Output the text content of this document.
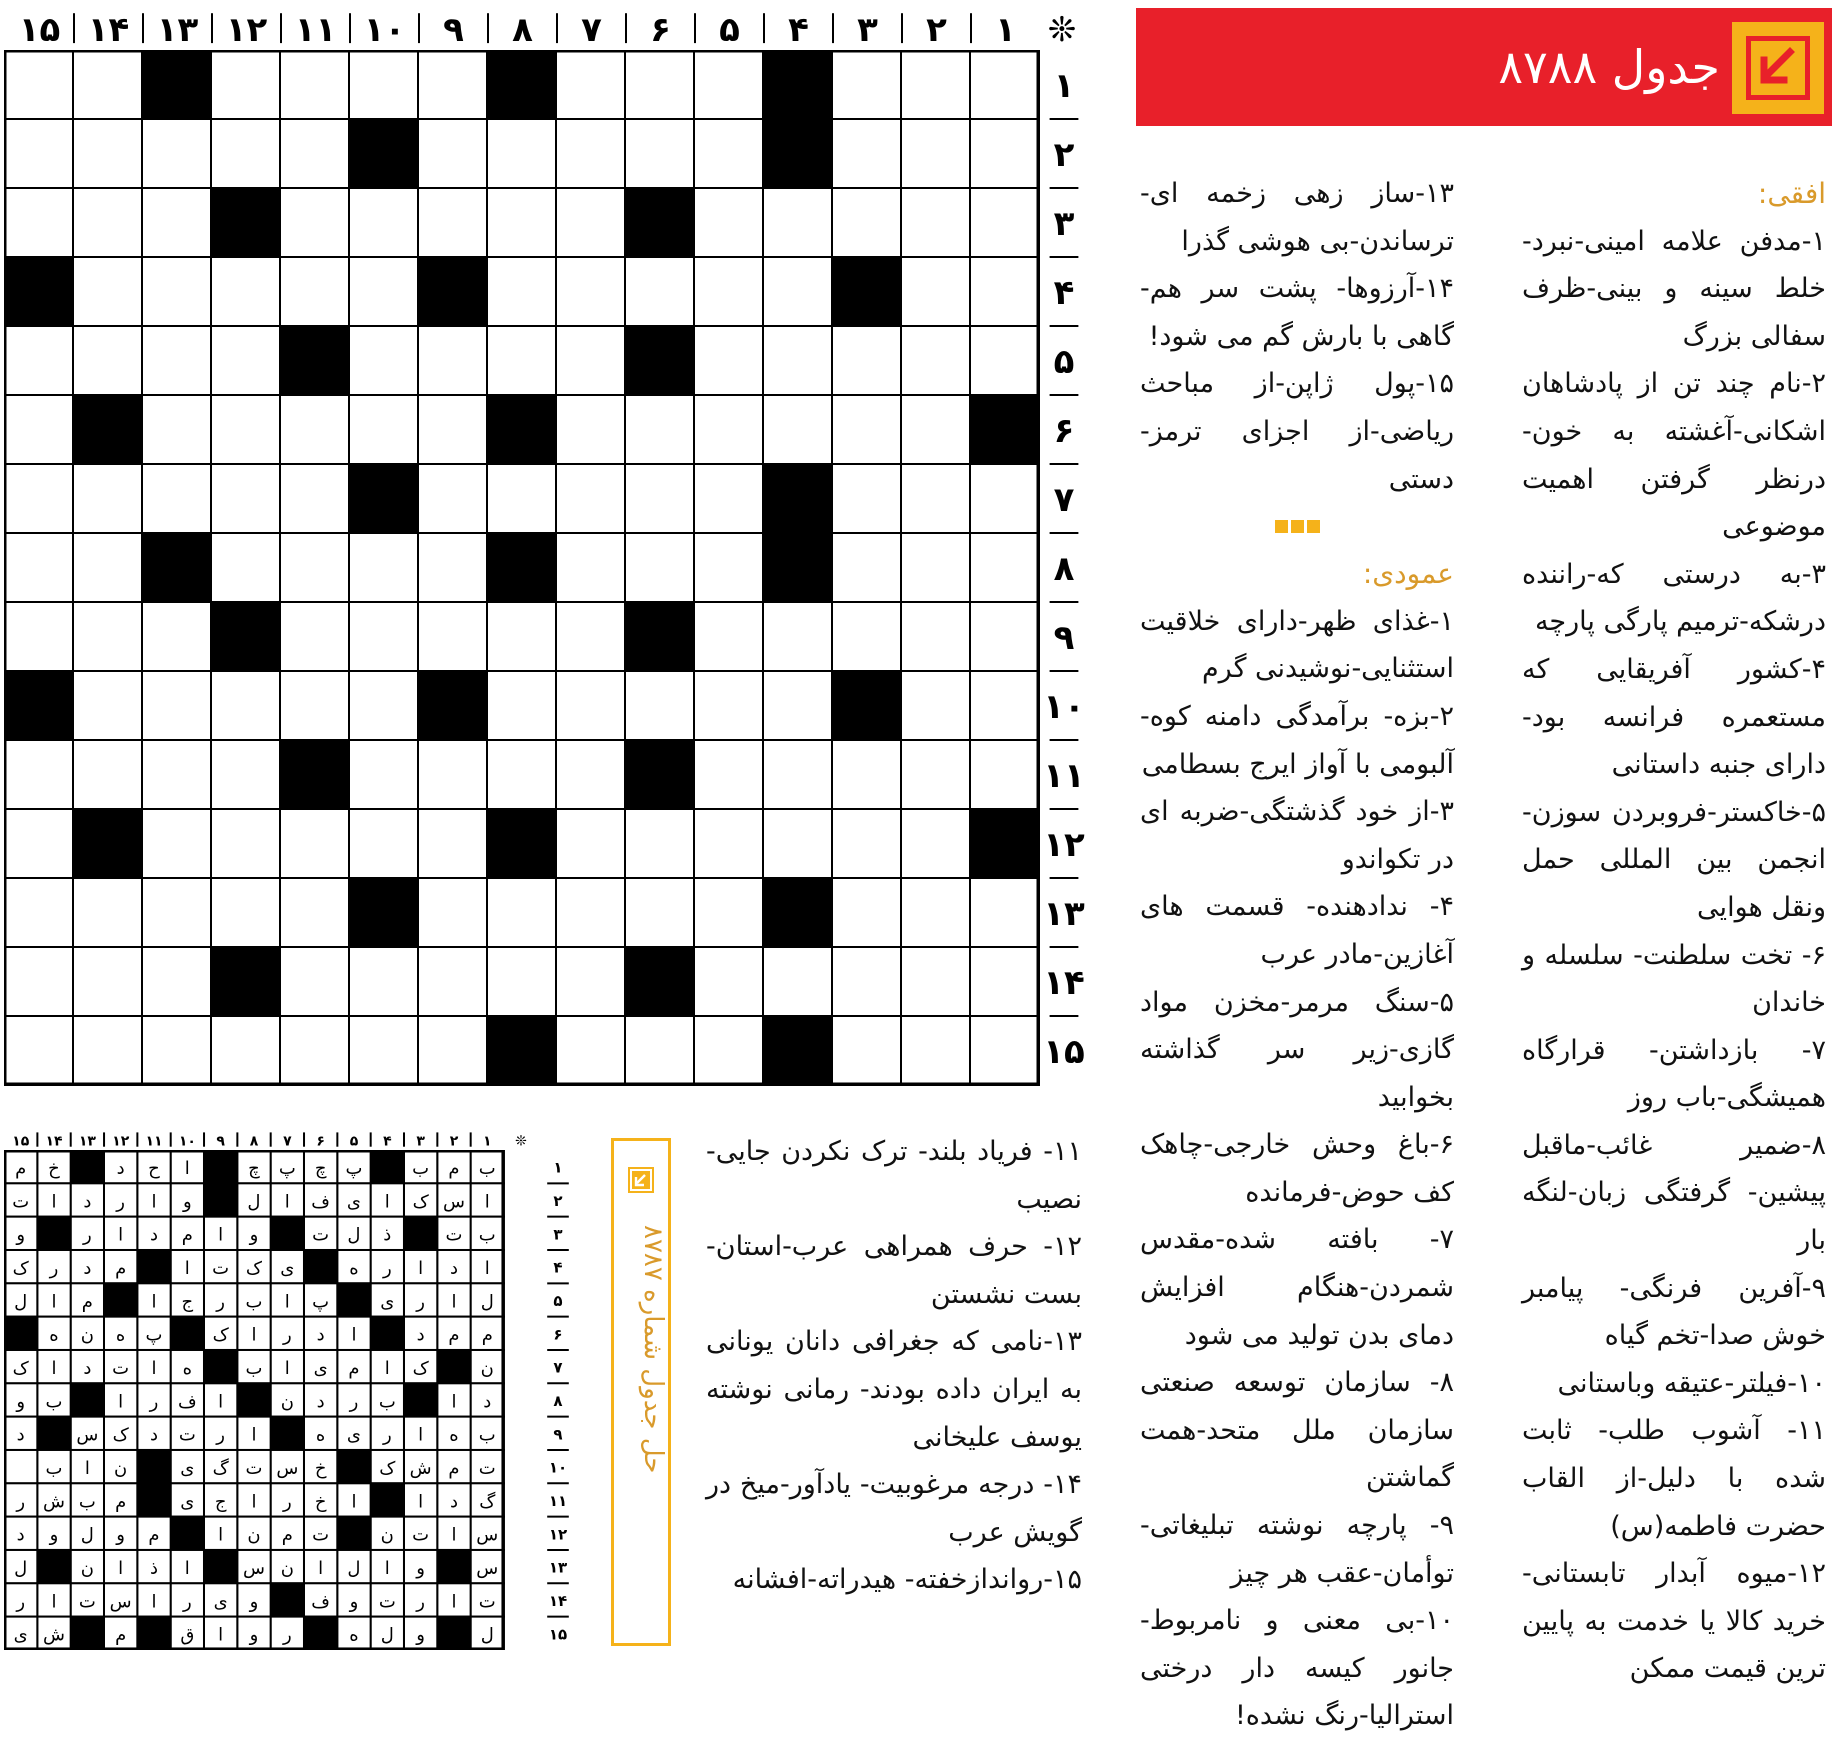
جدول ۸۷۸۸
افقی:
۱-مدفن علامه امینی-نبرد-خلط سینه و بینی-ظرف سفالی بزرگ
۲-نام چند تن از پادشاهان اشکانی-آغشته به خون-درنظر گرفتن اهمیت موضوعی
۳-به درستی که-راننده درشکه-ترمیم پارگی پارچه
۴-کشور آفریقایی که مستعمره فرانسه بود-دارای جنبه داستانی
۵-خاکستر-فروبردن سوزن-انجمن بین المللی حمل ونقل هوایی
۶- تخت سلطنت- سلسله و خاندان
۷- بازداشتن- قرارگاه همیشگی-باب روز
۸-ضمیر غائب-ماقبل پیشین- گرفتگی زبان-لنگه بار
۹-آفرین فرنگی- پیامبر خوش صدا-تخم گیاه
۱۰-فیلتر-عتیقه وباستانی
۱۱- آشوب طلب- ثابت شده با دلیل-از القاب حضرت فاطمه(س)
۱۲-میوه آبدار تابستانی-خرید کالا یا خدمت به پایین ترین قیمت ممکن
۱۳-ساز زهی زخمه ای-ترساندن-بی هوشی گذرا
۱۴-آرزوها- پشت سر هم-گاهی با بارش گم می شود!
۱۵-پول ژاپن-از مباحث ریاضی-از اجزای ترمز-دستی
عمودی:
۱-غذای ظهر-دارای خلاقیت استثنایی-نوشیدنی گرم
۲-بزه- برآمدگی دامنه کوه-آلبومی با آواز ایرج بسطامی
۳-از خود گذشتگی-ضربه ای در تکواندو
۴- ندادهنده- قسمت های آغازین-مادر عرب
۵-سنگ مرمر-مخزن مواد گازی-زیر سر گذاشته بخوابید
۶-باغ وحش خارجی-چاهک کف حوض-فرمانده
۷- بافته شده-مقدس شمردن-هنگام افزایش دمای بدن تولید می شود
۸- سازمان توسعه صنعتی سازمان ملل متحد-همت گماشتن
۹- پارچه نوشته تبلیغاتی-توأمان-عقب هر چیز
۱۰-بی معنی و نامربوط-جانور کیسه دار درختی استرالیا-رنگ نشده!
۱۱- فریاد بلند- ترک نکردن جایی-نصیب
۱۲- حرف همراهی عرب-استان- بست نشستن
۱۳-نامی که جغرافی دانان یونانی به ایران داده بودند- رمانی نوشته یوسف علیخانی
۱۴- درجه مرغوبیت- یادآور-میخ در گویش عرب
۱۵-رواندازخفته- هیدراته-افشانه
۱
۲
۳
۴
۵
۶
۷
۸
۹
۱۰
۱۱
۱۲
۱۳
۱۴
۱۵	❊
۱
۲
۳
۴
۵
۶
۷
۸
۹
۱۰
۱۱
۱۲
۱۳
۱۴
۱۵
حل جدول شماره ۸۷۸۷
۱
۲
۳
۴
۵
۶
۷
۸
۹
۱۰
۱۱
۱۲
۱۳
۱۴
۱۵	❊
ب
م
ب
پ
چ
پ
چ
ا
ح
د
خ
م
ا
س
ک
ا
ی
ف
ا
ل
و
ا
ر
د
ا
ت
ب
ت
ذ
ل
ت
و
ا
م
د
ا
ر
و
ا
د
ا
ر
ه
ی
ک
ت
ا
م
د
ر
ک
ل
ا
ر
ی
پ
ا
ب
ر
ج
ا
م
ا
ل
م
م
د
ا
د
ر
ا
ک
پ
ه
ن
ه
ن
ک
ا
م
ی
ا
ب
ه
ا
ت
د
ا
ک
د
ا
ب
ر
د
ن
ا
ف
ر
ا
ب
و
ب
ه
ا
ر
ی
ه
ا
ر
ت
د
ک
س
د
ت
م
ش
ک
خ
س
ت
گ
ی
ن
ا
ب
گ
د
ا
ا
خ
ر
ا
ج
ی
م
ب
ش
ر
س
ا
ت
ن
ت
م
ن
ا
م
و
ل
و
د
س
و
ا
ل
ا
ن
س
ا
ذ
ا
ن
ل
ت
ا
ر
ت
و
ف
و
ی
ر
ا
س
ت
ا
ر
ل
و
ل
ه
ر
و
ا
ق
م
ش
ی
۱
۲
۳
۴
۵
۶
۷
۸
۹
۱۰
۱۱
۱۲
۱۳
۱۴
۱۵
